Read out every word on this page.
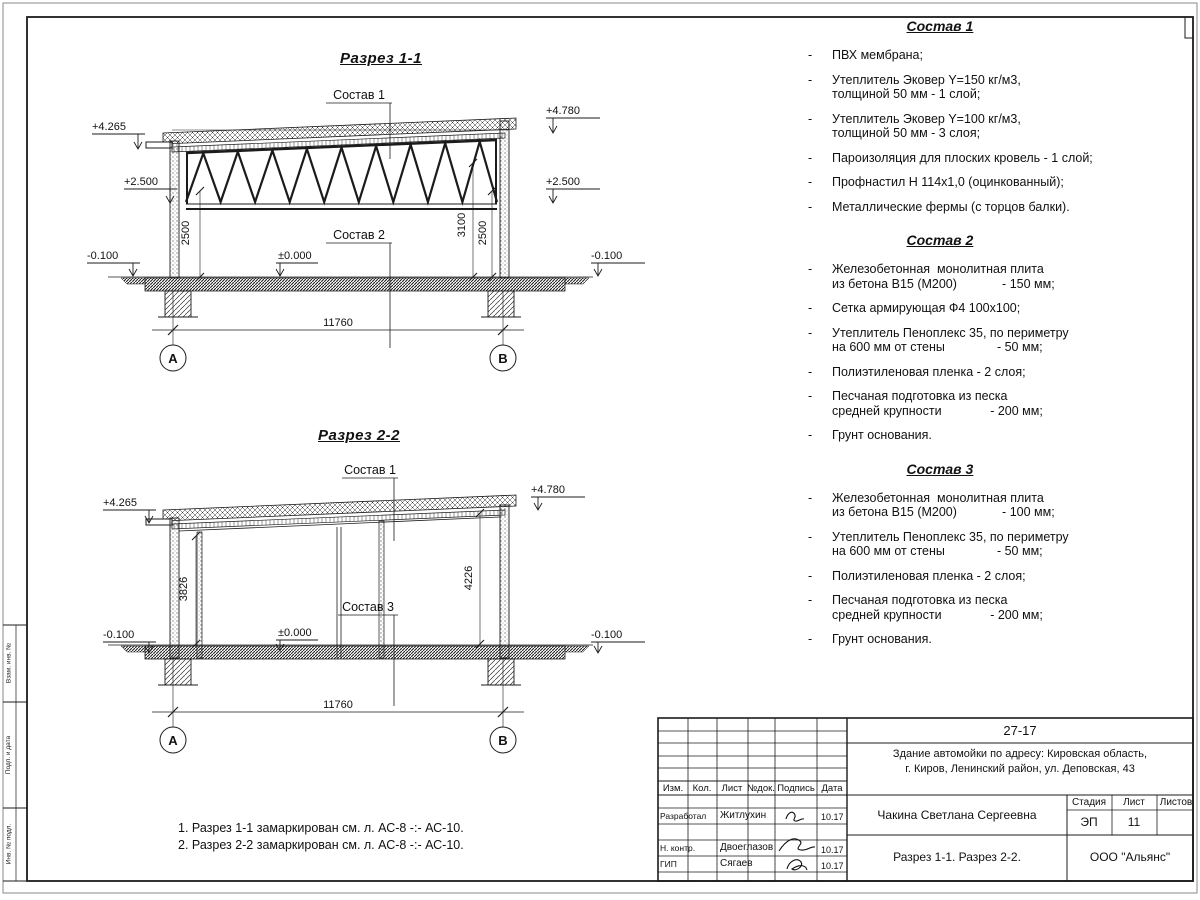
Разрез 1-1
Состав 1
Состав 2
+4.265
+4.780
+2.500	+2.500
-0.100	±0.000	-0.100
2500	3100 2500
11760
А	В
Разрез 2-2
Состав 1
Состав 3
+4.265
+4.780
-0.100	±0.000	-0.100
3826	4226
11760
А	В
1. Разрез 1-1 замаркирован см. л. АС-8 -:- АС-10.
2. Разрез 2-2 замаркирован см. л. АС-8 -:- АС-10.
Состав 1
-	ПВХ мембрана;
-	Утеплитель Эковер Y=150 кг/м3,
толщиной 50 мм - 1 слой;
-	Утеплитель Эковер Y=100 кг/м3,
толщиной 50 мм - 3 слоя;
-	Пароизоляция для плоских кровель - 1 слой;
-	Профнастил Н 114х1,0 (оцинкованный);
-	Металлические фермы (с торцов балки).
Состав 2
-	Железобетонная  монолитная плита
из бетона В15 (М200)             - 150 мм;
-	Сетка армирующая Ф4 100х100;
-	Утеплитель Пеноплекс 35, по периметру
на 600 мм от стены               - 50 мм;
-	Полиэтиленовая пленка - 2 слоя;
-	Песчаная подготовка из песка
средней крупности              - 200 мм;
-	Грунт основания.
Состав 3
-	Железобетонная  монолитная плита
из бетона В15 (М200)             - 100 мм;
-	Утеплитель Пеноплекс 35, по периметру
на 600 мм от стены               - 50 мм;
-	Полиэтиленовая пленка - 2 слоя;
-	Песчаная подготовка из песка
средней крупности              - 200 мм;
-	Грунт основания.
27-17
Здание автомойки по адресу: Кировская область,
г. Киров, Ленинский район, ул. Деповская, 43
Изм. Кол. Лист №док. Подпись Дата
Разработал Житлухин	10.17
Н. контр. Двоеглазов	10.17
ГИП	Сягаев	10.17
Чакина Светлана Сергеевна
Стадия Лист Листов
ЭП	11
Разрез 1-1. Разрез 2-2.	ООО "Альянс"
Взам. инв. №
Подп. и дата
Инв. № подл.
